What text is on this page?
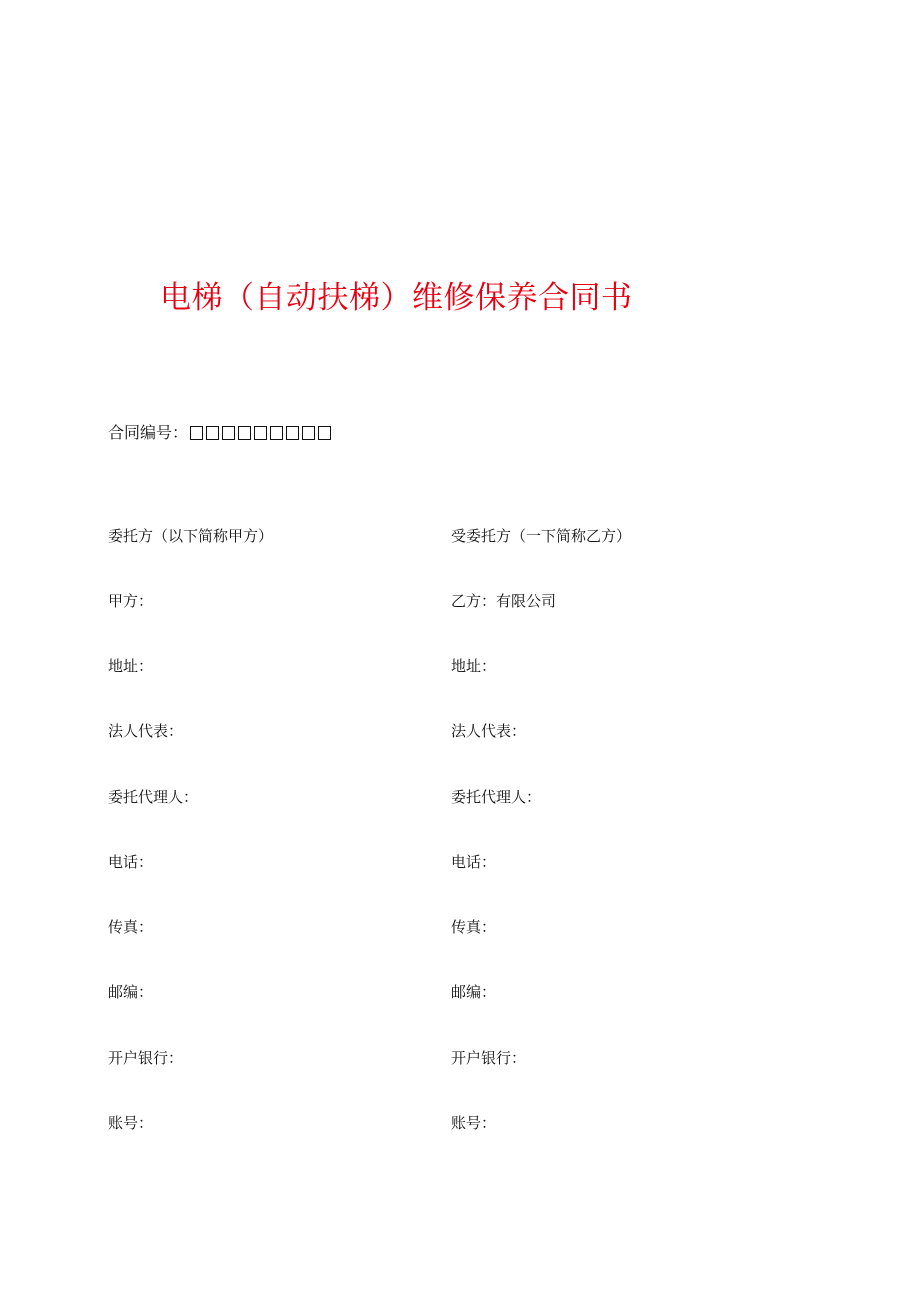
电梯（自动扶梯）维修保养合同书
合同编号：
委托方（以下简称甲方）	受委托方（一下简称乙方）
甲方：	乙方：有限公司
地址：	地址：
法人代表：	法人代表：
委托代理人：	委托代理人：
电话：	电话：
传真：	传真：
邮编：	邮编：
开户银行：	开户银行：
账号：	账号：
